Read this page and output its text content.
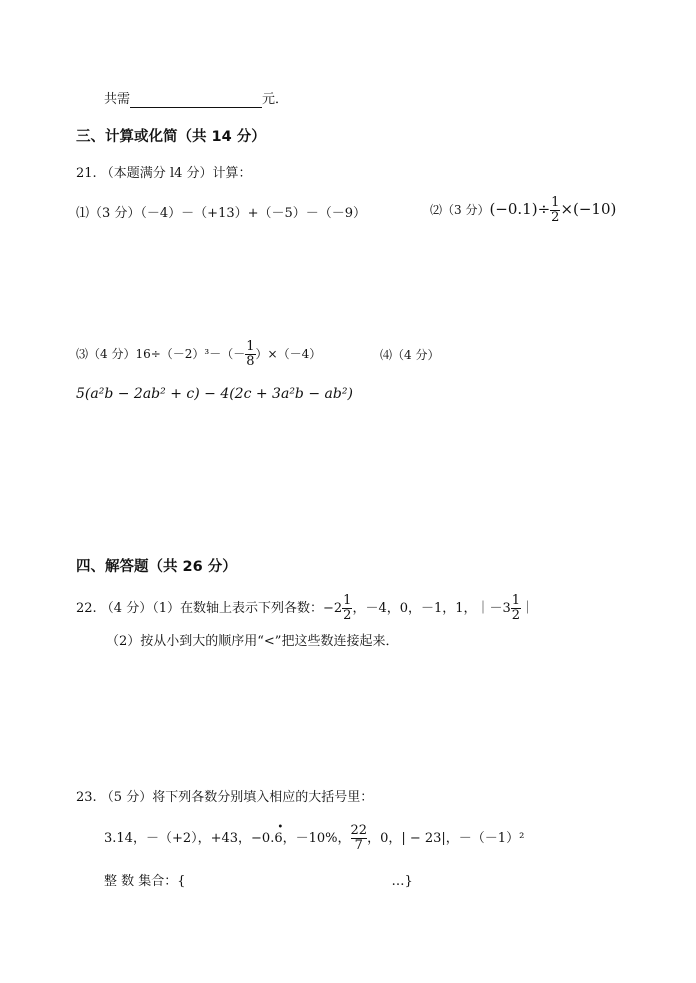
共需	元．
三、计算或化简（共 14 分）
21. （本题满分 l4 分）计算：
⑴（3 分）（－4）－（+13）+（－5）－（－9）	⑵（3 分）$(-0.1)\div \frac{1}{2} \times(-10)$
⑶（4 分）$16\div(-2)^3-(- \frac{1}{8} )\times(-4)$	⑷（4 分）
5(a²b − 2ab² + c) − 4(2c + 3a²b − ab²)
四、解答题（共 26 分）
22. （4 分）（1）在数轴上表示下列各数：$-2 \frac{1}{2}$ ，－4，0，－1，1，｜－3 $\frac{1}{2}$ ｜
（2）按从小到大的顺序用“<”把这些数连接起来．
23. （5 分）将下列各数分别填入相应的大括号里：
3.14，－（+2），+43，−0.
•
6，－10%， $\frac{22}{7}$ ，0，| − 23|，－（－1）²
整 数 集合：{	…}
